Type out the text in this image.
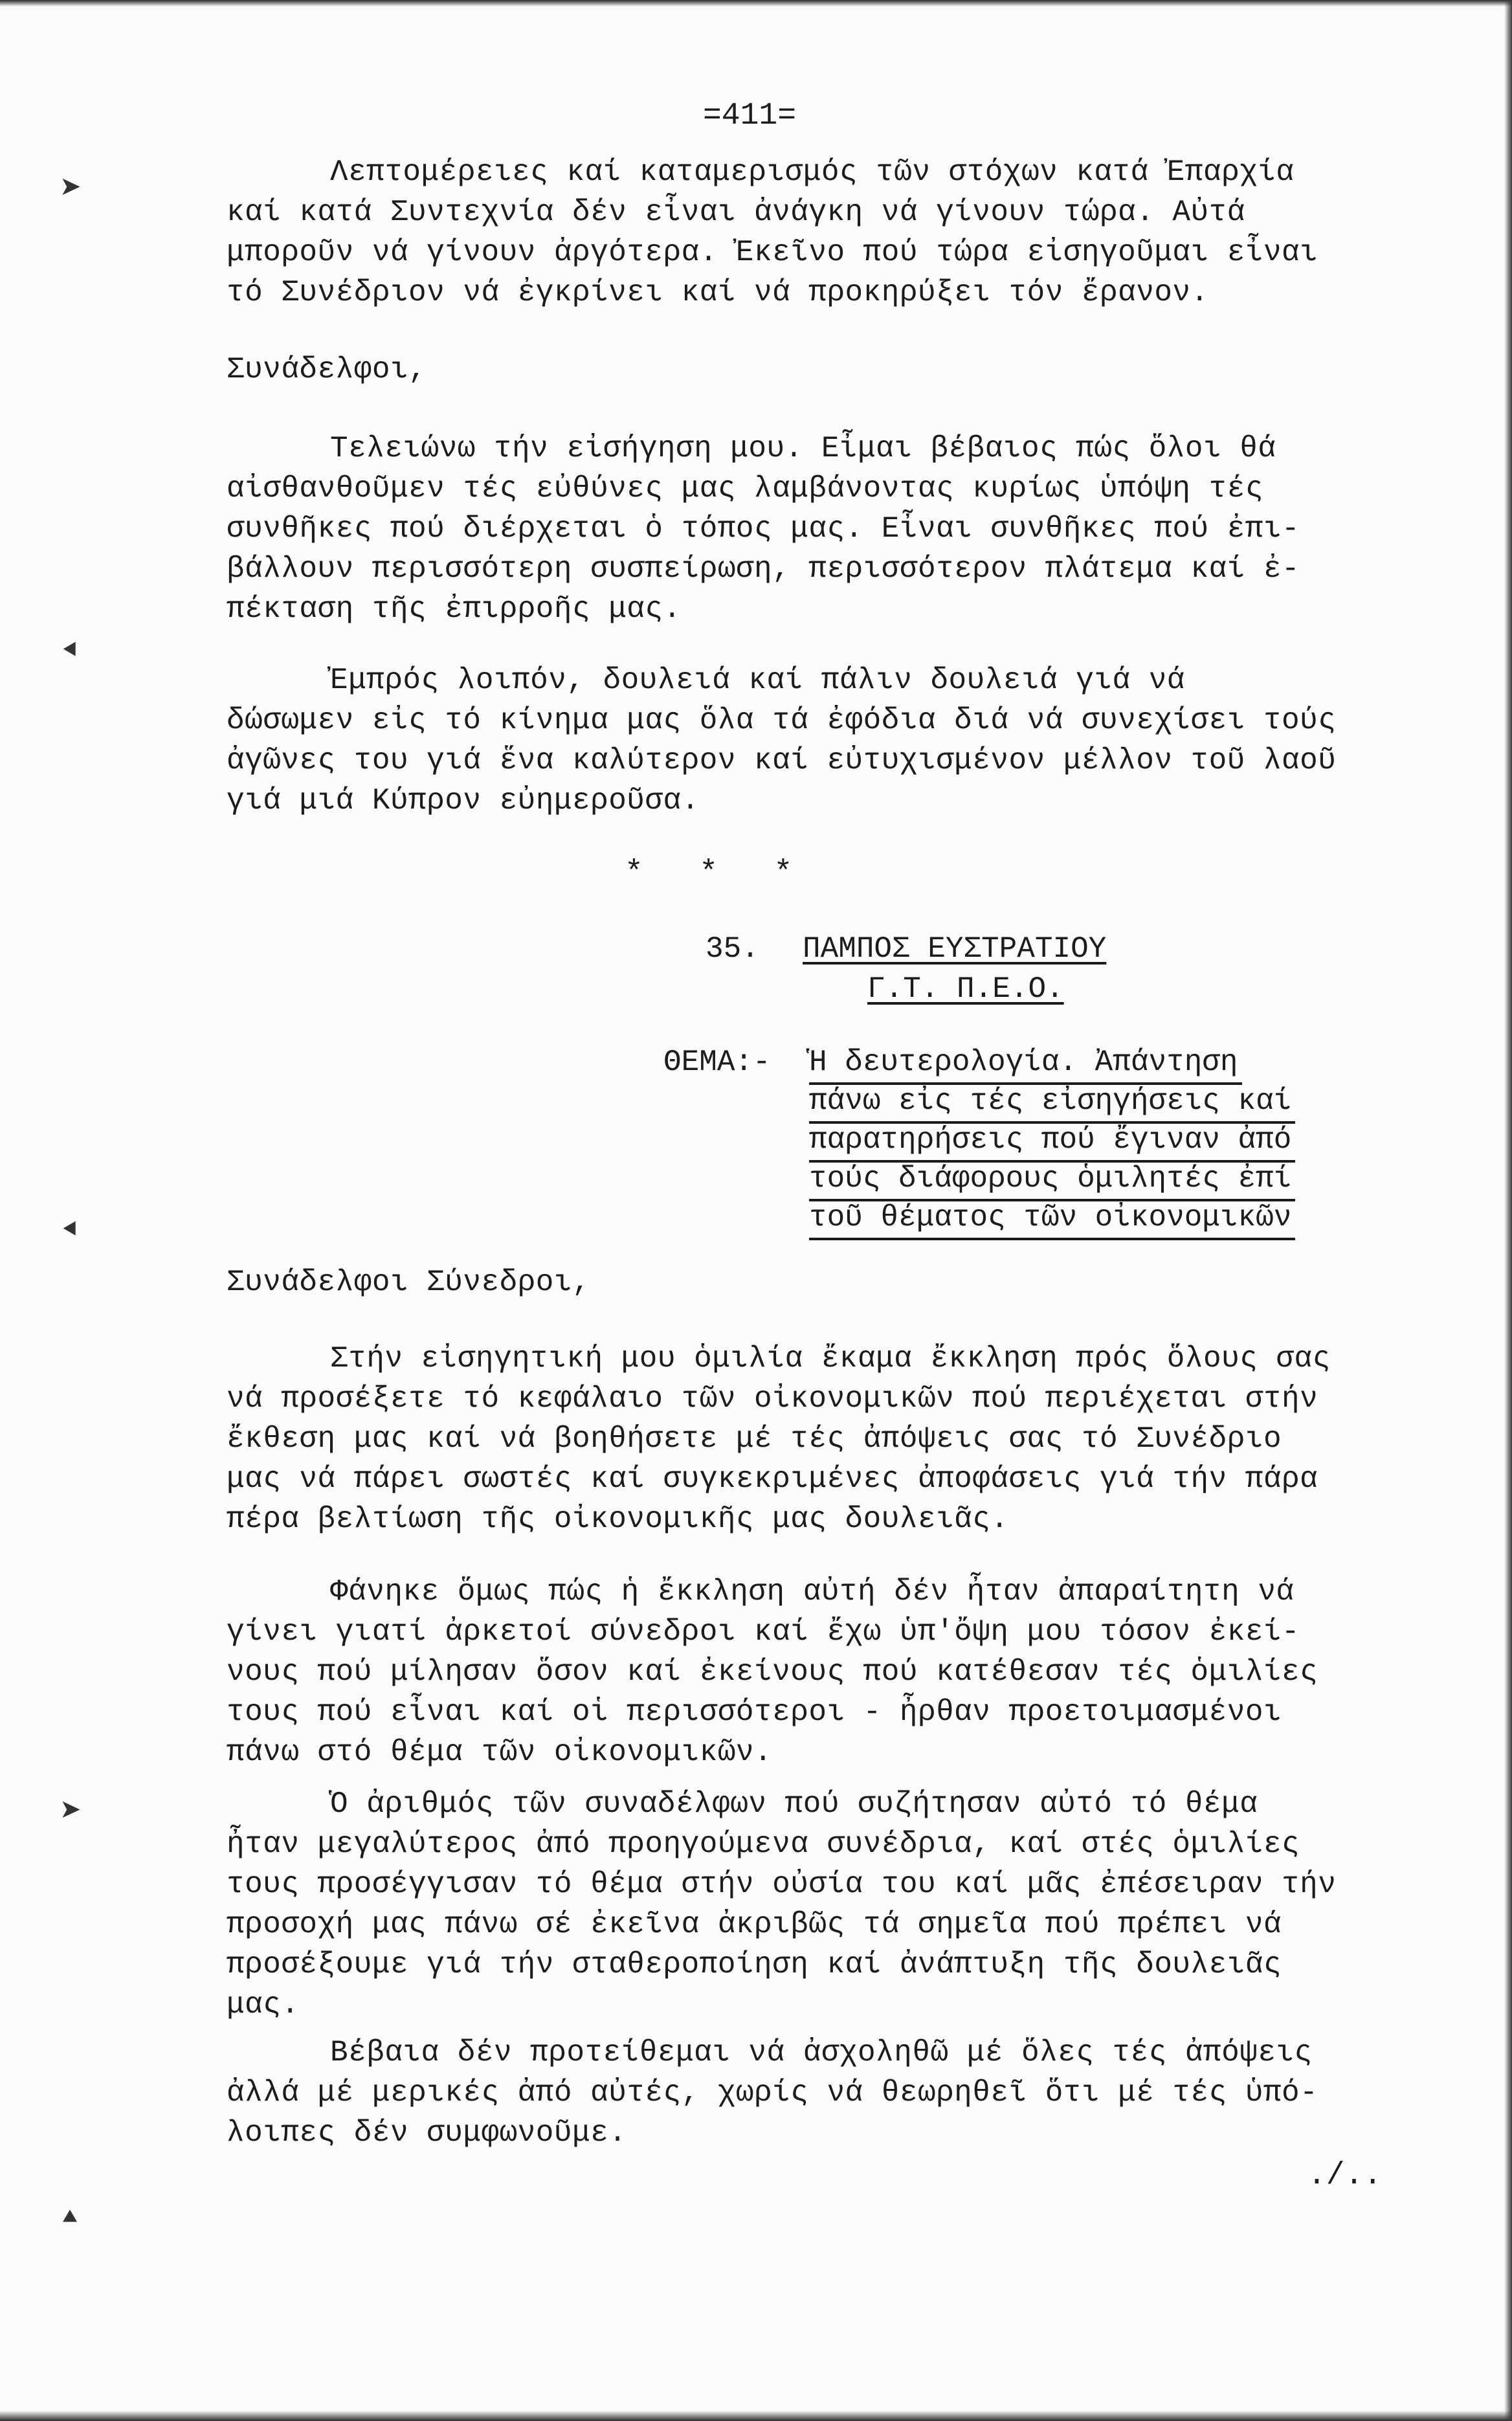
➤
⯇
⯇
➤
⯅
=411=
Λεπτομέρειες καί καταμερισμός τῶν στόχων κατά Ἐπαρχία
καί κατά Συντεχνία δέν εἶναι ἀνάγκη νά γίνουν τώρα. Αὐτά
μποροῦν νά γίνουν ἀργότερα. Ἐκεῖνο πού τώρα εἰσηγοῦμαι εἶναι
τό Συνέδριον νά ἐγκρίνει καί νά προκηρύξει τόν ἔρανον.
Συνάδελφοι,
Τελειώνω τήν εἰσήγηση μου. Εἶμαι βέβαιος πώς ὅλοι θά
αἰσθανθοῦμεν τές εὐθύνες μας λαμβάνοντας κυρίως ὑπόψη τές
συνθῆκες πού διέρχεται ὁ τόπος μας. Εἶναι συνθῆκες πού ἐπι-
βάλλουν περισσότερη συσπείρωση, περισσότερον πλάτεμα καί ἐ-
πέκταση τῆς ἐπιρροῆς μας.
Ἐμπρός λοιπόν, δουλειά καί πάλιν δουλειά γιά νά
δώσωμεν εἰς τό κίνημα μας ὅλα τά ἐφόδια διά νά συνεχίσει τούς
ἀγῶνες του γιά ἕνα καλύτερον καί εὐτυχισμένον μέλλον τοῦ λαοῦ
γιά μιά Κύπρον εὐημεροῦσα.
*   *   *
35. ΠΑΜΠΟΣ ΕΥΣΤΡΑΤΙΟΥ
Γ.Τ. Π.Ε.Ο.
ΘΕΜΑ:- Ἡ δευτερολογία. Ἀπάντηση
πάνω εἰς τές εἰσηγήσεις καί
παρατηρήσεις πού ἔγιναν ἀπό
τούς διάφορους ὁμιλητές ἐπί
τοῦ θέματος τῶν οἰκονομικῶν
Συνάδελφοι Σύνεδροι,
Στήν εἰσηγητική μου ὁμιλία ἔκαμα ἔκκληση πρός ὅλους σας
νά προσέξετε τό κεφάλαιο τῶν οἰκονομικῶν πού περιέχεται στήν
ἔκθεση μας καί νά βοηθήσετε μέ τές ἀπόψεις σας τό Συνέδριο
μας νά πάρει σωστές καί συγκεκριμένες ἀποφάσεις γιά τήν πάρα
πέρα βελτίωση τῆς οἰκονομικῆς μας δουλειᾶς.
Φάνηκε ὅμως πώς ἡ ἔκκληση αὐτή δέν ἦταν ἀπαραίτητη νά
γίνει γιατί ἀρκετοί σύνεδροι καί ἔχω ὑπ'ὄψη μου τόσον ἐκεί-
νους πού μίλησαν ὅσον καί ἐκείνους πού κατέθεσαν τές ὁμιλίες
τους πού εἶναι καί οἱ περισσότεροι - ἦρθαν προετοιμασμένοι
πάνω στό θέμα τῶν οἰκονομικῶν.
Ὁ ἀριθμός τῶν συναδέλφων πού συζήτησαν αὐτό τό θέμα
ἦταν μεγαλύτερος ἀπό προηγούμενα συνέδρια, καί στές ὁμιλίες
τους προσέγγισαν τό θέμα στήν οὐσία του καί μᾶς ἐπέσειραν τήν
προσοχή μας πάνω σέ ἐκεῖνα ἀκριβῶς τά σημεῖα πού πρέπει νά
προσέξουμε γιά τήν σταθεροποίηση καί ἀνάπτυξη τῆς δουλειᾶς
μας.
Βέβαια δέν προτείθεμαι νά ἀσχοληθῶ μέ ὅλες τές ἀπόψεις
ἀλλά μέ μερικές ἀπό αὐτές, χωρίς νά θεωρηθεῖ ὅτι μέ τές ὑπό-
λοιπες δέν συμφωνοῦμε.
./..
